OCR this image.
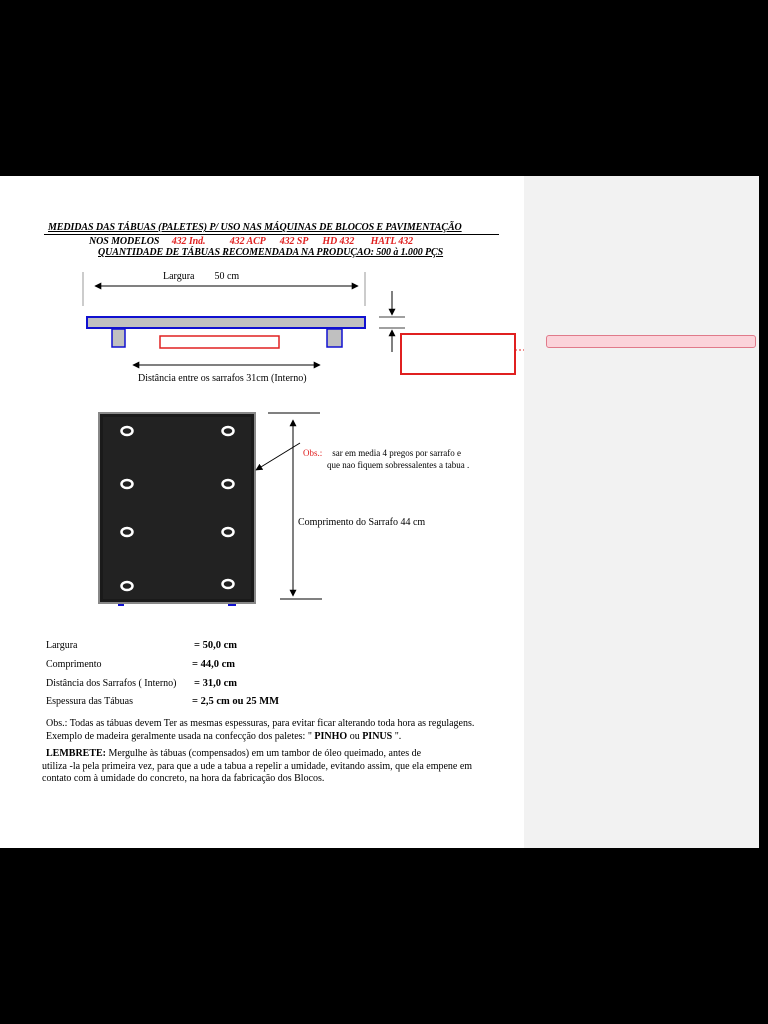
MEDIDAS DAS TÁBUAS (PALETES) P/ USO NAS MÁQUINAS DE BLOCOS E PAVIMENTAÇÃO
NOS MODELOS 432 Ind. 432 ACP 432 SP HD 432 HATL 432
QUANTIDADE DE TÁBUAS RECOMENDADA NA PRODUÇAO: 500 à 1.000 PÇS
Largura 50 cm
Distância entre os sarrafos 31cm (Interno)
Obs.: sar em media 4 pregos por sarrafo e
que nao fiquem sobressalentes a tabua .
Comprimento do Sarrafo 44 cm
Largura	= 50,0 cm
Comprimento	= 44,0 cm
Distância dos Sarrafos ( Interno) = 31,0 cm
Espessura das Tábuas	= 2,5 cm ou 25 MM
Obs.: Todas as tábuas devem Ter as mesmas espessuras, para evitar ficar alterando toda hora as regulagens.
Exemplo de madeira geralmente usada na confecção dos paletes: " PINHO ou PINUS ".
LEMBRETE: Mergulhe às tábuas (compensados) em um tambor de óleo queimado, antes de
utiliza -la pela primeira vez, para que a ude a tabua a repelir a umidade, evitando assim, que ela empene em
contato com à umidade do concreto, na hora da fabricação dos Blocos.
